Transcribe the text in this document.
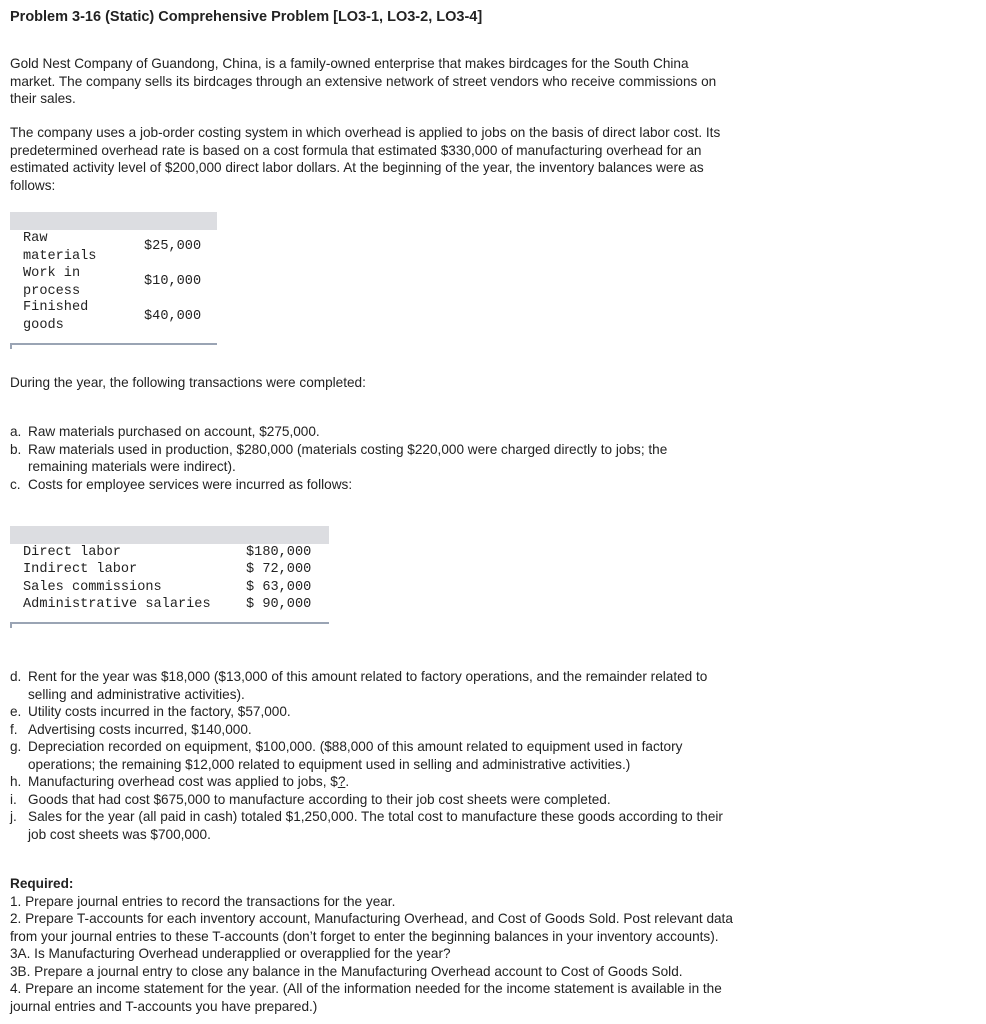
Problem 3-16 (Static) Comprehensive Problem [LO3-1, LO3-2, LO3-4]
Gold Nest Company of Guandong, China, is a family-owned enterprise that makes birdcages for the South China
market. The company sells its birdcages through an extensive network of street vendors who receive commissions on
their sales.
The company uses a job-order costing system in which overhead is applied to jobs on the basis of direct labor cost. Its
predetermined overhead rate is based on a cost formula that estimated $330,000 of manufacturing overhead for an
estimated activity level of $200,000 direct labor dollars. At the beginning of the year, the inventory balances were as
follows:
Raw
materials
$25,000
Work in
process
$10,000
Finished
goods
$40,000
During the year, the following transactions were completed:
a. Raw materials purchased on account, $275,000.
b. Raw materials used in production, $280,000 (materials costing $220,000 were charged directly to jobs; the
remaining materials were indirect).
c. Costs for employee services were incurred as follows:
Direct labor	$180,000
Indirect labor	$ 72,000
Sales commissions	$ 63,000
Administrative salaries	$ 90,000
d. Rent for the year was $18,000 ($13,000 of this amount related to factory operations, and the remainder related to
selling and administrative activities).
e. Utility costs incurred in the factory, $57,000.
f. Advertising costs incurred, $140,000.
g. Depreciation recorded on equipment, $100,000. ($88,000 of this amount related to equipment used in factory
operations; the remaining $12,000 related to equipment used in selling and administrative activities.)
h. Manufacturing overhead cost was applied to jobs, $?.
i. Goods that had cost $675,000 to manufacture according to their job cost sheets were completed.
j. Sales for the year (all paid in cash) totaled $1,250,000. The total cost to manufacture these goods according to their
job cost sheets was $700,000.
Required:
1. Prepare journal entries to record the transactions for the year.
2. Prepare T-accounts for each inventory account, Manufacturing Overhead, and Cost of Goods Sold. Post relevant data
from your journal entries to these T-accounts (don’t forget to enter the beginning balances in your inventory accounts).
3A. Is Manufacturing Overhead underapplied or overapplied for the year?
3B. Prepare a journal entry to close any balance in the Manufacturing Overhead account to Cost of Goods Sold.
4. Prepare an income statement for the year. (All of the information needed for the income statement is available in the
journal entries and T-accounts you have prepared.)
